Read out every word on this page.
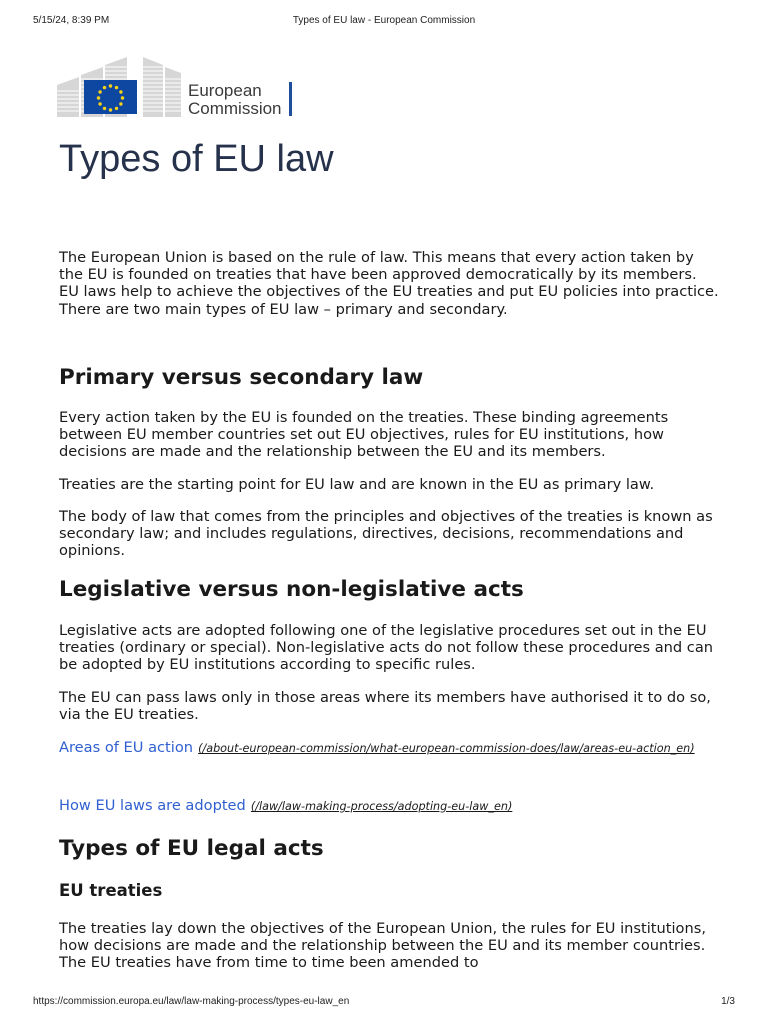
5/15/24, 8:39 PM	Types of EU law - European Commission
European
Commission
Types of EU law

The European Union is based on the rule of law. This means that every action taken by the EU is founded on treaties that have been approved democratically by its members. EU laws help to achieve the objectives of the EU treaties and put EU policies into practice. There are two main types of EU law – primary and secondary.

Primary versus secondary law

Every action taken by the EU is founded on the treaties. These binding agreements between EU member countries set out EU objectives, rules for EU institutions, how decisions are made and the relationship between the EU and its members.

Treaties are the starting point for EU law and are known in the EU as primary law.

The body of law that comes from the principles and objectives of the treaties is known as secondary law; and includes regulations, directives, decisions, recommendations and opinions.

Legislative versus non-legislative acts

Legislative acts are adopted following one of the legislative procedures set out in the EU treaties (ordinary or special). Non-legislative acts do not follow these procedures and can be adopted by EU institutions according to specific rules.

The EU can pass laws only in those areas where its members have authorised it to do so, via the EU treaties.

Areas of EU action (/about-european-commission/what-european-commission-does/law/areas-eu-action_en)

How EU laws are adopted (/law/law-making-process/adopting-eu-law_en)

Types of EU legal acts
EU treaties

The treaties lay down the objectives of the European Union, the rules for EU institutions, how decisions are made and the relationship between the EU and its member countries. The EU treaties have from time to time been amended to

https://commission.europa.eu/law/law-making-process/types-eu-law_en	1/3
